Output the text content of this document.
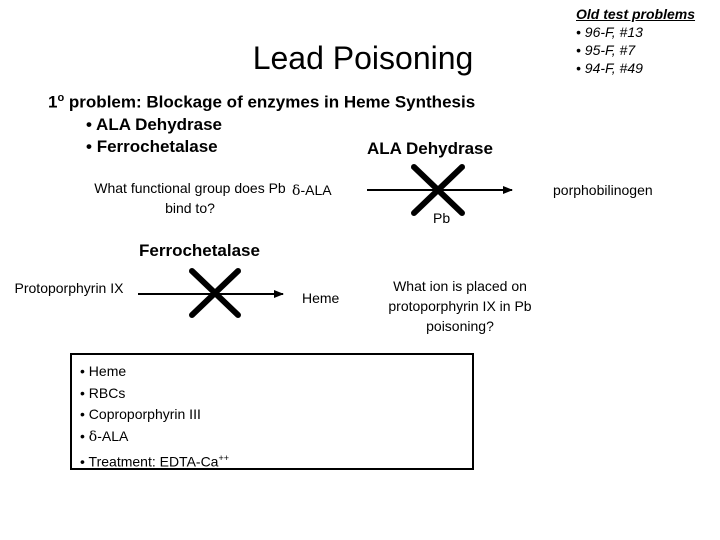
Old test problems
• 96-F, #13
• 95-F, #7
• 94-F, #49
Lead Poisoning
1$^o$ problem: Blockage of enzymes in Heme Synthesis
• ALA Dehydrase
• Ferrochetalase	ALA Dehydrase
What functional group does Pb bind to?
δ-ALA	porphobilinogen
Pb
Ferrochetalase
Protoporphyrin IX
Heme
What ion is placed on protoporphyrin IX in Pb poisoning?
• Heme
• RBCs
• Coproporphyrin III
• δ-ALA
• Treatment: EDTA-Ca++
